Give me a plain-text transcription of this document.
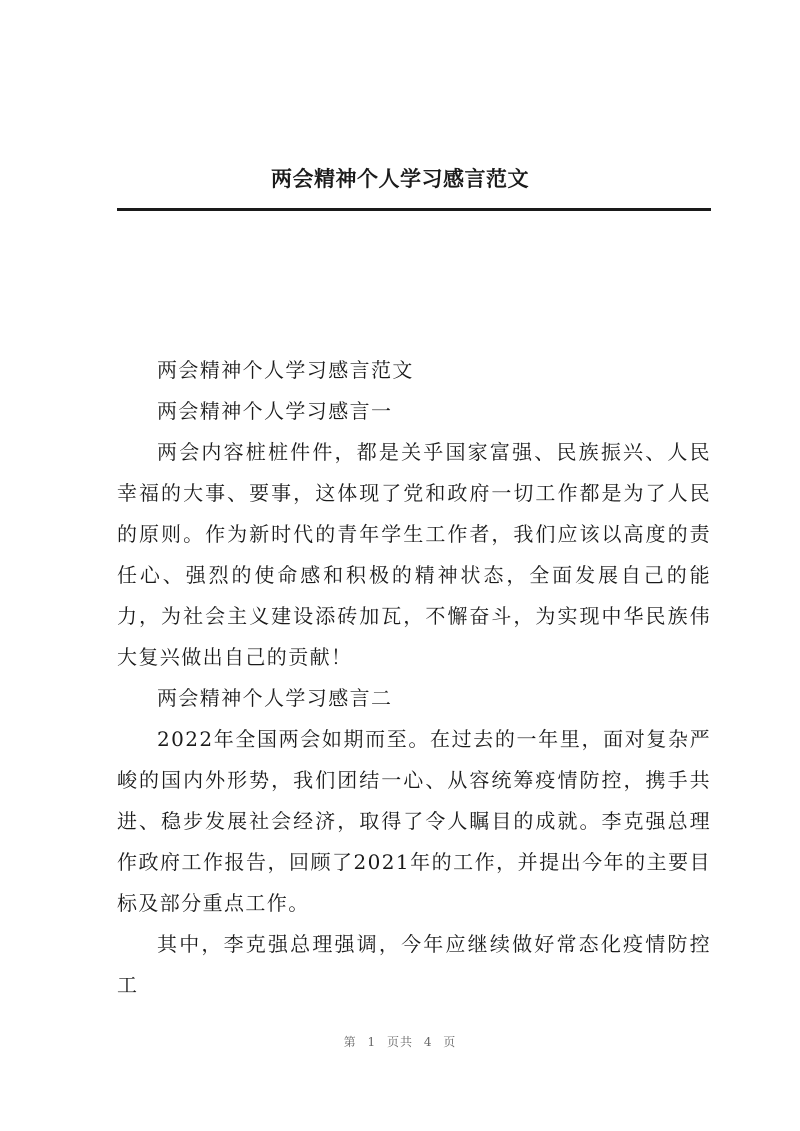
两会精神个人学习感言范文

两会精神个人学习感言范文

两会精神个人学习感言一

两会内容桩桩件件，都是关乎国家富强、民族振兴、人民幸福的大事、要事，这体现了党和政府一切工作都是为了人民的原则。作为新时代的青年学生工作者，我们应该以高度的责任心、强烈的使命感和积极的精神状态，全面发展自己的能力，为社会主义建设添砖加瓦，不懈奋斗，为实现中华民族伟大复兴做出自己的贡献！

两会精神个人学习感言二

2022年全国两会如期而至。在过去的一年里，面对复杂严峻的国内外形势，我们团结一心、从容统筹疫情防控，携手共进、稳步发展社会经济，取得了令人瞩目的成就。李克强总理作政府工作报告，回顾了2021年的工作，并提出今年的主要目标及部分重点工作。

其中，李克强总理强调，今年应继续做好常态化疫情防控工

第 1 页共 4 页
